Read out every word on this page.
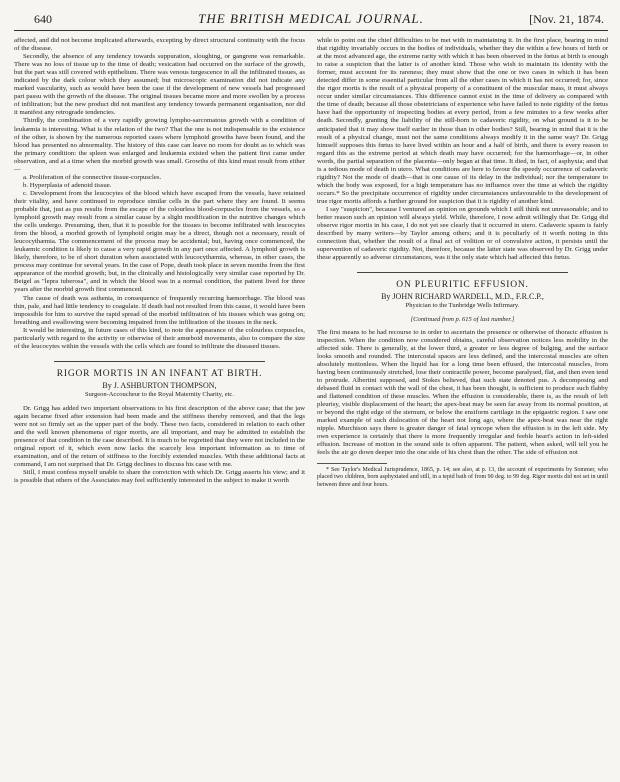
640	THE BRITISH MEDICAL JOURNAL.	[Nov. 21, 1874.

affected, and did not become implicated afterwards, excepting by direct structural continuity with the focus of the disease.

Secondly, the absence of any tendency towards suppuration, sloughing, or gangrene was remarkable. There was no loss of tissue up to the time of death; vesication had occurred on the surface of the growth, but the part was still covered with epithelium. There was venous turgescence in all the infiltrated tissues, as indicated by the dark colour which they assumed; but microscopic examination did not indicate any marked vascularity, such as would have been the case if the development of new vessels had progressed pari passu with the growth of the disease. The original tissues became more and more swollen by a process of infiltration; but the new product did not manifest any tendency towards permanent organisation, nor did it manifest any retrograde tendencies.

Thirdly, the combination of a very rapidly growing lympho-sarcomatous growth with a condition of leukæmia is interesting. What is the relation of the two? That the one is not indispensable to the existence of the other, is shown by the numerous reported cases where lymphoid growths have been found, and the blood has presented no abnormality. The history of this case can leave no room for doubt as to which was the primary condition: the spleen was enlarged and leukæmia existed when the patient first came under observation, and at a time when the morbid growth was small. Growths of this kind must result from either—

a. Proliferation of the connective tissue-corpuscles.

b. Hyperplasia of adenoid tissue.

c. Development from the leucocytes of the blood which have escaped from the vessels, have retained their vitality, and have continued to reproduce similar cells in the part where they are found. It seems probable that, just as pus results from the escape of the colourless blood-corpuscles from the vessels, so a lymphoid growth may result from a similar cause by a slight modification in the nutritive changes which the cells undergo. Presuming, then, that it is possible for the tissues to become infiltrated with leucocytes from the blood, a morbid growth of lymphoid origin may be a direct, though not a necessary, result of leucocythæmia. The commencement of the process may be accidental; but, having once commenced, the leukæmic condition is likely to cause a very rapid growth in any part once affected. A lymphoid growth is likely, therefore, to be of short duration when associated with leucocythæmia, whereas, in other cases, the process may continue for several years. In the case of Pope, death took place in seven months from the first appearance of the morbid growth; but, in the clinically and histologically very similar case reported by Dr. Beigel as "lepra tuberosa", and in which the blood was in a normal condition, the patient lived for three years after the morbid growth first commenced.

The cause of death was asthenia, in consequence of frequently recurring hæmorrhage. The blood was thin, pale, and had little tendency to coagulate. If death had not resulted from this cause, it would have been impossible for him to survive the rapid spread of the morbid infiltration of his tissues which was going on; breathing and swallowing were becoming impaired from the infiltration of the tissues in the neck.

It would be interesting, in future cases of this kind, to note the appearance of the colourless corpuscles, particularly with regard to the activity or otherwise of their amœboid movements, also to compare the size of the leucocytes within the vessels with the cells which are found to infiltrate the diseased tissues.

RIGOR MORTIS IN AN INFANT AT BIRTH.
By J. ASHBURTON THOMPSON,
Surgeon-Accoucheur to the Royal Maternity Charity, etc.

Dr. Grigg has added two important observations to his first description of the above case; that the jaw again became fixed after extension had been made and the stiffness thereby removed, and that the legs were not so firmly set as the upper part of the body. These two facts, considered in relation to each other and the well known phenomena of rigor mortis, are all important, and may be admitted to establish the presence of that condition in the case described. It is much to be regretted that they were not included in the original report of it, which even now lacks the scarcely less important information as to time of examination, and of the return of stiffness to the forcibly extended muscles. With these additional facts at command, I am not surprised that Dr. Grigg declines to discuss his case with me.

Still, I must confess myself unable to share the conviction with which Dr. Grigg asserts his view; and it is possible that others of the Associates may feel sufficiently interested in the subject to make it worth

while to point out the chief difficulties to be met with in maintaining it. In the first place, bearing in mind that rigidity invariably occurs in the bodies of individuals, whether they die within a few hours of birth or at the most advanced age, the extreme rarity with which it has been observed in the fœtus at birth is enough to raise a suspicion that the latter is of another kind. Those who wish to maintain its identity with the former, must account for its rareness; they must show that the one or two cases in which it has been detected differ in some essential particular from all the other cases in which it has not occurred; for, since the rigor mortis is the result of a physical property of a constituent of the muscular mass, it must always occur under similar circumstances. This difference cannot exist in the time of delivery as compared with the time of death; because all those obstetricians of experience who have failed to note rigidity of the fœtus have had the opportunity of inspecting bodies at every period, from a few minutes to a few weeks after death. Secondly, granting the liability of the still-born to cadaveric rigidity, on what ground is it to be anticipated that it may show itself earlier in those than in other bodies? Still, bearing in mind that it is the result of a physical change, must not the same conditions always modify it in the same way? Dr. Grigg himself supposes this fœtus to have lived within an hour and a half of birth, and there is every reason to regard this as the extreme period at which death may have occurred; for the hæmorrhage—or, in other words, the partial separation of the placenta—only began at that time. It died, in fact, of asphyxia; and that is a tedious mode of death in utero. What conditions are here to favour the speedy occurrence of cadaveric rigidity? Not the mode of death—that is one cause of its delay in the individual; nor the temperature to which the body was exposed, for a high temperature has no influence over the time at which the rigidity occurs.* So the precipitate occurrence of rigidity under circumstances unfavourable to the development of true rigor mortis affords a further ground for suspicion that it is rigidity of another kind.

I say "suspicion", because I ventured an opinion on grounds which I still think not unreasonable; and to better reason such an opinion will always yield. While, therefore, I now admit willingly that Dr. Grigg did observe rigor mortis in his case, I do not yet see clearly that it occurred in utero. Cadaveric spasm is fairly described by many writers—by Taylor among others; and it is peculiarly of it worth noting in this connection that, whether the result of a final act of volition or of convulsive action, it persists until the supervention of cadaveric rigidity. Not, therefore, because the latter state was observed by Dr. Grigg under these apparently so adverse circumstances, was it the only state which had affected this fœtus.

ON PLEURITIC EFFUSION.
By JOHN RICHARD WARDELL, M.D., F.R.C.P.,
Physician to the Tunbridge Wells Infirmary.
[Continued from p. 615 of last number.]

The first means to be had recourse to in order to ascertain the presence or otherwise of thoracic effusion is inspection. When the condition now considered obtains, careful observation notices less mobility in the affected side. There is generally, at the lower third, a greater or less degree of bulging, and the surface looks smooth and rounded. The intercostal spaces are less defined, and the intercostal muscles are often absolutely motionless. When the liquid has for a long time been effused, the intercostal muscles, from having been continuously stretched, lose their contractile power, become paralysed, flat, and then even tend to protrude. Albertini supposed, and Stokes believed, that such state denoted pus. A decomposing and debased fluid in contact with the wall of the chest, it has been thought, is sufficient to produce such flabby and flattened condition of these muscles. When the effusion is considerable, there is, as the result of left pleurisy, visible displacement of the heart; the apex-beat may be seen far away from its normal position, at or beyond the right edge of the sternum, or below the ensiform cartilage in the epigastric region. I saw one marked example of such dislocation of the heart not long ago, where the apex-beat was near the right nipple. Murchison says there is greater danger of fatal syncope when the effusion is in the left side. My own experience is certainly that there is more frequently irregular and feeble heart's action in left-sided effusion. Increase of motion in the sound side is often apparent. The patient, when asked, will tell you he feels the air go down deeper into the one side of his chest than the other. The side of effusion not

* See Taylor's Medical Jurisprudence, 1865, p. 14; see also, at p. 13, the account of experiments by Sommer, who placed two children, born asphyxiated and still, in a tepid bath of from 90 deg. to 99 deg. Rigor mortis did not set in until between three and four hours.
